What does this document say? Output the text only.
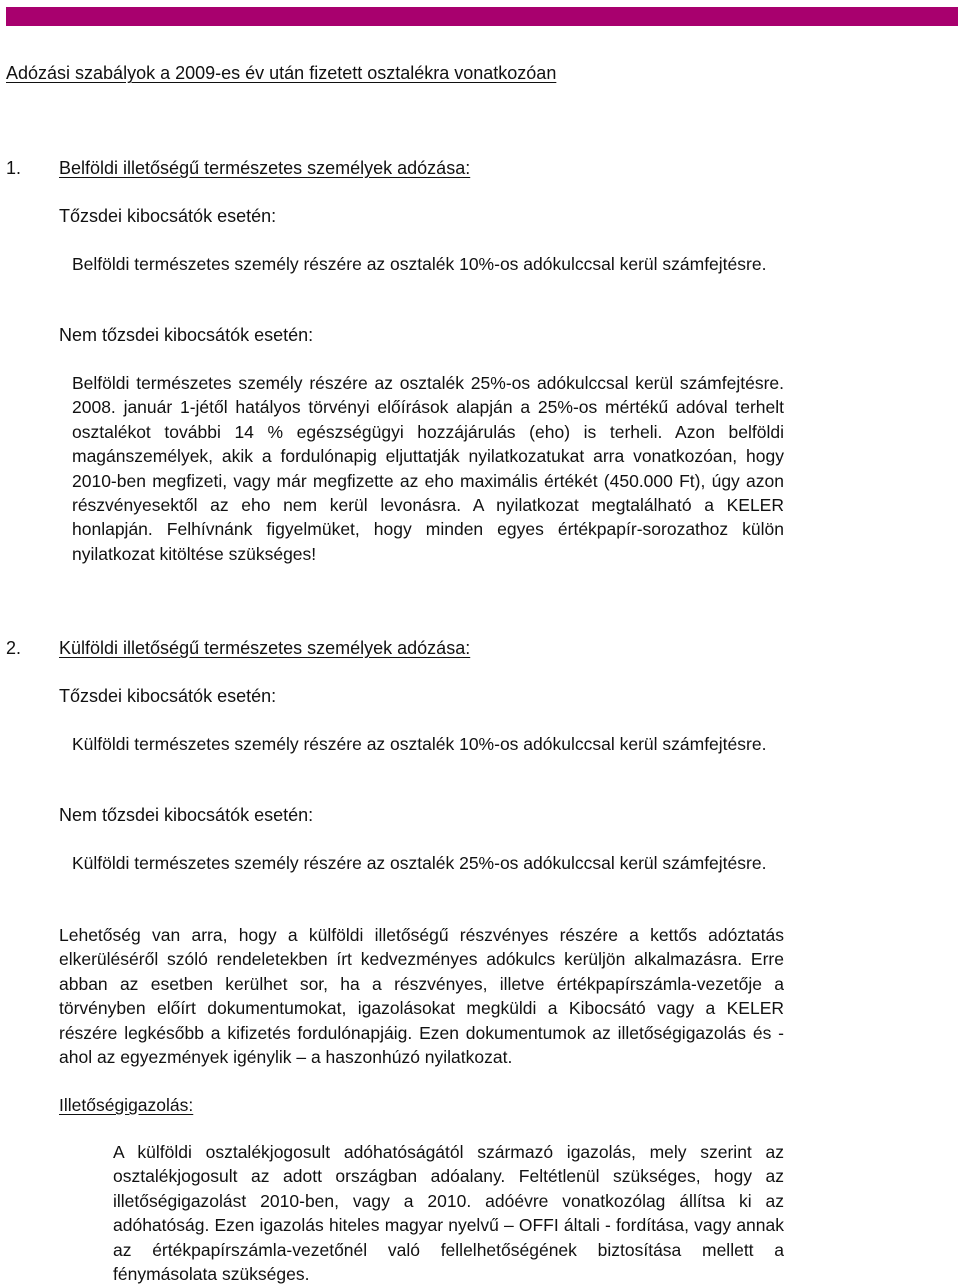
Adózási szabályok a 2009-es év után fizetett osztalékra vonatkozóan
1. Belföldi illetőségű természetes személyek adózása:
Tőzsdei kibocsátók esetén:
Belföldi természetes személy részére az osztalék 10%-os adókulccsal kerül számfejtésre.
Nem tőzsdei kibocsátók esetén:
Belföldi természetes személy részére az osztalék 25%-os adókulccsal kerül számfejtésre. 2008. január 1-jétől hatályos törvényi előírások alapján a 25%-os mértékű adóval terhelt osztalékot további 14 % egészségügyi hozzájárulás (eho) is terheli. Azon belföldi magánszemélyek, akik a fordulónapig eljuttatják nyilatkozatukat arra vonatkozóan, hogy 2010-ben megfizeti, vagy már megfizette az eho maximális értékét (450.000 Ft), úgy azon részvényesektől az eho nem kerül levonásra. A nyilatkozat megtalálható a KELER honlapján. Felhívnánk figyelmüket, hogy minden egyes értékpapír-sorozathoz külön nyilatkozat kitöltése szükséges!
2. Külföldi illetőségű természetes személyek adózása:
Tőzsdei kibocsátók esetén:
Külföldi természetes személy részére az osztalék 10%-os adókulccsal kerül számfejtésre.
Nem tőzsdei kibocsátók esetén:
Külföldi természetes személy részére az osztalék 25%-os adókulccsal kerül számfejtésre.
Lehetőség van arra, hogy a külföldi illetőségű részvényes részére a kettős adóztatás elkerüléséről szóló rendeletekben írt kedvezményes adókulcs kerüljön alkalmazásra. Erre abban az esetben kerülhet sor, ha a részvényes, illetve értékpapírszámla-vezetője a törvényben előírt dokumentumokat, igazolásokat megküldi a Kibocsátó vagy a KELER részére legkésőbb a kifizetés fordulónapjáig. Ezen dokumentumok az illetőségigazolás és - ahol az egyezmények igénylik – a haszonhúzó nyilatkozat.
Illetőségigazolás:
A külföldi osztalékjogosult adóhatóságától származó igazolás, mely szerint az osztalékjogosult az adott országban adóalany. Feltétlenül szükséges, hogy az illetőségigazolást 2010-ben, vagy a 2010. adóévre vonatkozólag állítsa ki az adóhatóság. Ezen igazolás hiteles magyar nyelvű – OFFI általi - fordítása, vagy annak az értékpapírszámla-vezetőnél való fellelhetőségének biztosítása mellett a fénymásolata szükséges.
